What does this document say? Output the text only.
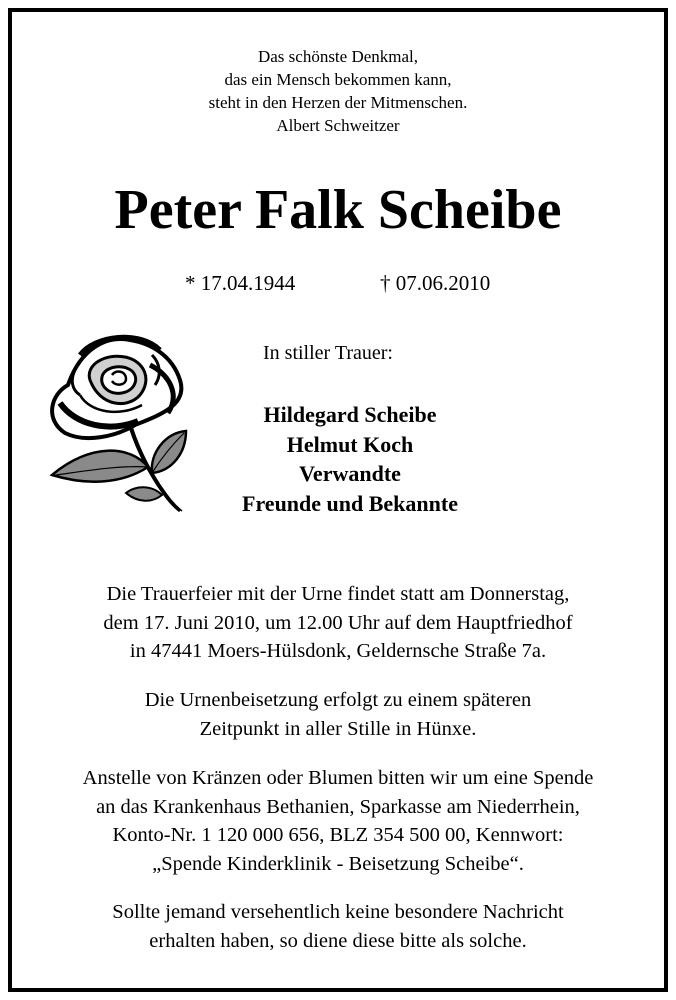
Das schönste Denkmal,
das ein Mensch bekommen kann,
steht in den Herzen der Mitmenschen.
Albert Schweitzer
Peter Falk Scheibe
* 17.04.1944	† 07.06.2010
In stiller Trauer:
Hildegard Scheibe
Helmut Koch
Verwandte
Freunde und Bekannte
Die Trauerfeier mit der Urne findet statt am Donnerstag,
dem 17. Juni 2010, um 12.00 Uhr auf dem Hauptfriedhof
in 47441 Moers-Hülsdonk, Geldernsche Straße 7a.
Die Urnenbeisetzung erfolgt zu einem späteren
Zeitpunkt in aller Stille in Hünxe.
Anstelle von Kränzen oder Blumen bitten wir um eine Spende
an das Krankenhaus Bethanien, Sparkasse am Niederrhein,
Konto-Nr. 1 120 000 656, BLZ 354 500 00, Kennwort:
„Spende Kinderklinik - Beisetzung Scheibe“.
Sollte jemand versehentlich keine besondere Nachricht
erhalten haben, so diene diese bitte als solche.
